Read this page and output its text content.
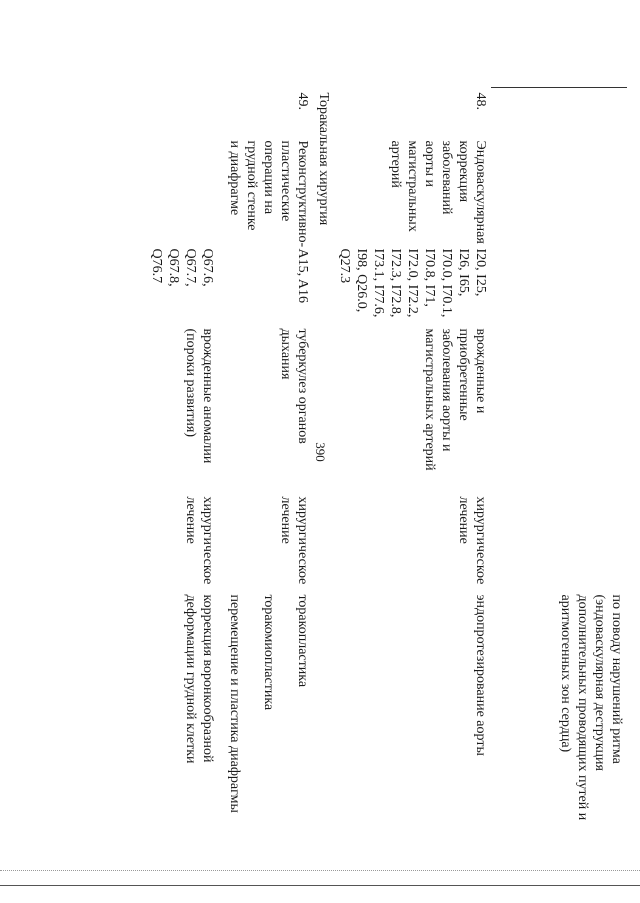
390
					по поводу нарушений ритма (эндоваскулярная деструкция дополнительных проводящих путей и аритмогенных зон сердца)
48.	Эндоваскулярная коррекция заболеваний аорты и магистральных артерий	I20, I25, I26, I65, I70.0, I70.1, I70.8, I71, I72.0, I72.2, I72.3, I72.8, I73.1, I77.6, I98, Q26.0, Q27.3	врожденные и приобретенные заболевания аорты и магистральных артерий	хирургическое лечение	эндопротезирование аорты
Торакальная хирургия					
49.	Реконструктивно-пластические операции на грудной стенке и диафрагме	A15, A16	туберкулез органов дыхания	хирургическое лечение	торакопластика
торакомиопластика
перемещение и пластика диафрагмы

		Q67.6, Q67.7, Q67.8, Q76.7	врожденные аномалии (пороки развития)	хирургическое лечение	коррекция воронкообразной деформации грудной клетки
